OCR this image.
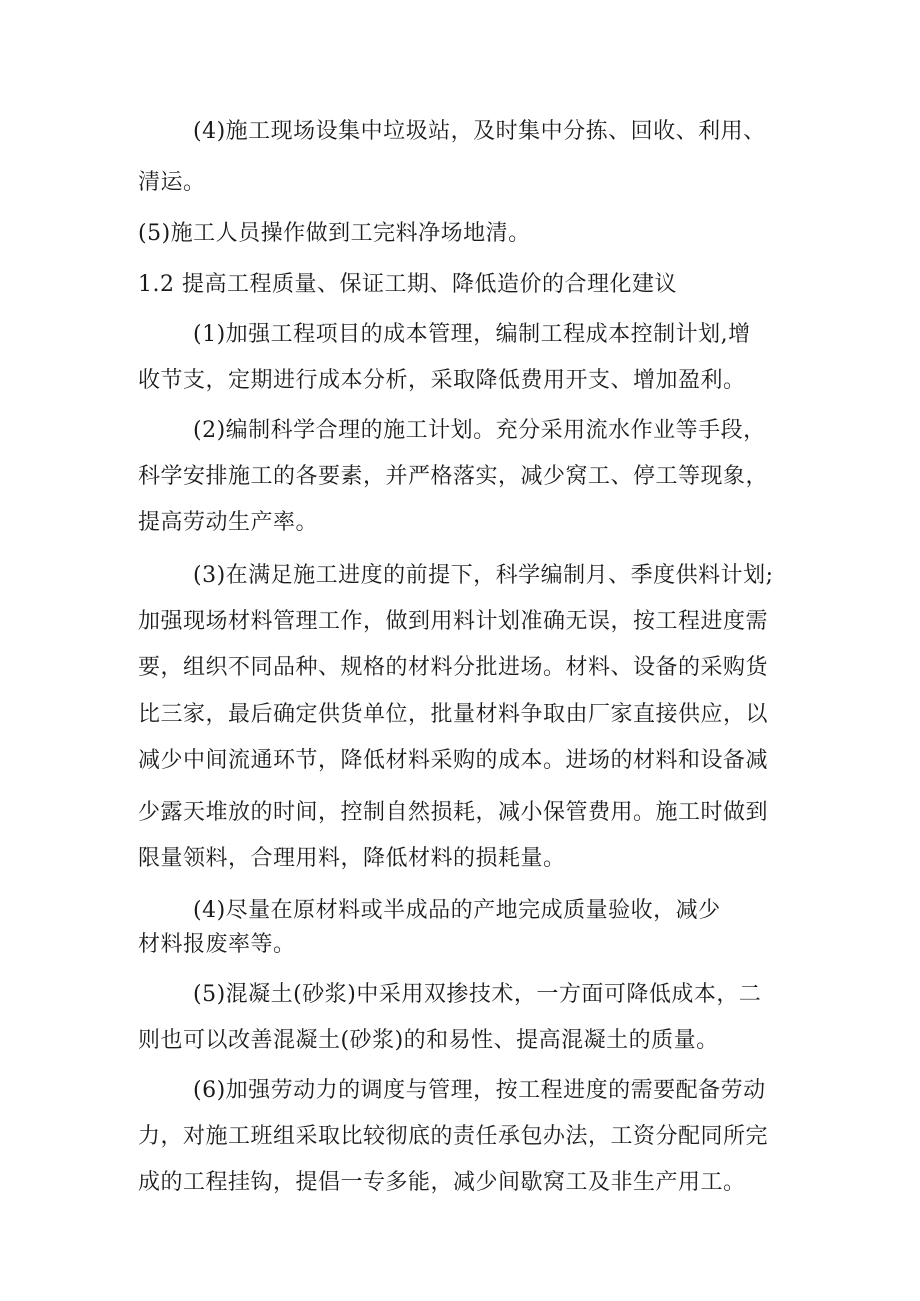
(4)施工现场设集中垃圾站，及时集中分拣、回收、利用、
清运。
(5)施工人员操作做到工完料净场地清。
1.2 提高工程质量、保证工期、降低造价的合理化建议
(1)加强工程项目的成本管理，编制工程成本控制计划,增
收节支，定期进行成本分析，采取降低费用开支、增加盈利。
(2)编制科学合理的施工计划。充分采用流水作业等手段，
科学安排施工的各要素，并严格落实，减少窝工、停工等现象，
提高劳动生产率。
(3)在满足施工进度的前提下，科学编制月、季度供料计划;
加强现场材料管理工作，做到用料计划准确无误，按工程进度需
要，组织不同品种、规格的材料分批进场。材料、设备的采购货
比三家，最后确定供货单位，批量材料争取由厂家直接供应，以
减少中间流通环节，降低材料采购的成本。进场的材料和设备减
少露天堆放的时间，控制自然损耗，减小保管费用。施工时做到
限量领料，合理用料，降低材料的损耗量。
(4)尽量在原材料或半成品的产地完成质量验收，减少
材料报废率等。
(5)混凝土(砂浆)中采用双掺技术，一方面可降低成本，二
则也可以改善混凝土(砂浆)的和易性、提高混凝土的质量。
(6)加强劳动力的调度与管理，按工程进度的需要配备劳动
力，对施工班组采取比较彻底的责任承包办法，工资分配同所完
成的工程挂钩，提倡一专多能，减少间歇窝工及非生产用工。
